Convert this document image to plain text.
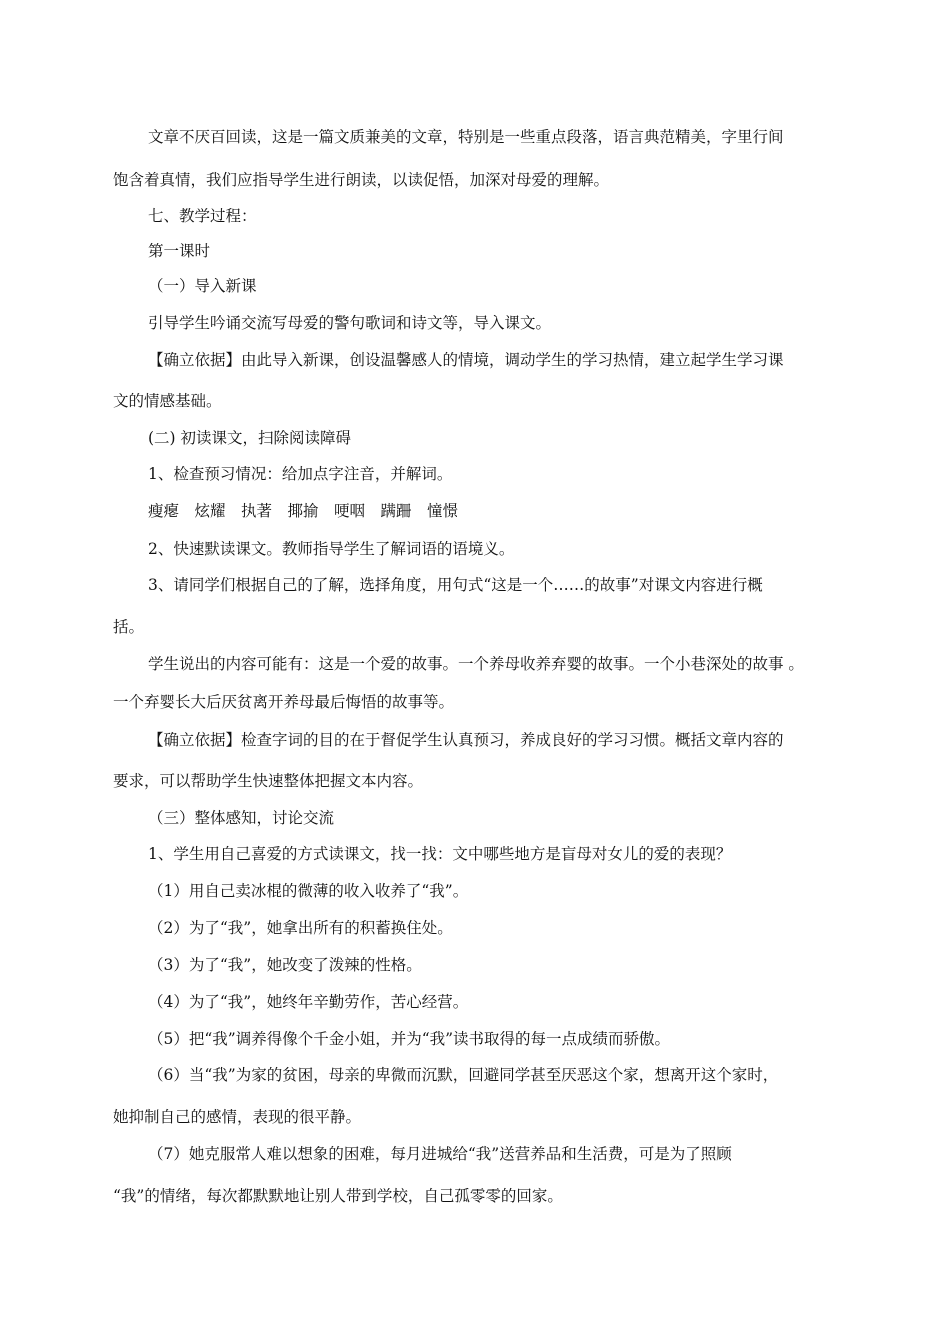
文章不厌百回读，这是一篇文质兼美的文章，特别是一些重点段落，语言典范精美，字里行间
饱含着真情，我们应指导学生进行朗读，以读促悟，加深对母爱的理解。
七、教学过程：
第一课时
（一）导入新课
引导学生吟诵交流写母爱的警句歌词和诗文等，导入课文。
【确立依据】由此导入新课，创设温馨感人的情境，调动学生的学习热情，建立起学生学习课
文的情感基础。
(二) 初读课文，扫除阅读障碍
1、检查预习情况：给加点字注音，并解词。
瘦瘪　炫耀　执著　揶揄　哽咽　蹒跚　憧憬
2、快速默读课文。教师指导学生了解词语的语境义。
3、请同学们根据自己的了解，选择角度，用句式“这是一个……的故事”对课文内容进行概
括。
学生说出的内容可能有：这是一个爱的故事。一个养母收养弃婴的故事。一个小巷深处的故事 。
一个弃婴长大后厌贫离开养母最后悔悟的故事等。
【确立依据】检查字词的目的在于督促学生认真预习，养成良好的学习习惯。概括文章内容的
要求，可以帮助学生快速整体把握文本内容。
（三）整体感知，讨论交流
1、学生用自己喜爱的方式读课文，找一找：文中哪些地方是盲母对女儿的爱的表现？
（1）用自己卖冰棍的微薄的收入收养了“我”。
（2）为了“我”，她拿出所有的积蓄换住处。
（3）为了“我”，她改变了泼辣的性格。
（4）为了“我”，她终年辛勤劳作，苦心经营。
（5）把“我”调养得像个千金小姐，并为“我”读书取得的每一点成绩而骄傲。
（6）当“我”为家的贫困，母亲的卑微而沉默，回避同学甚至厌恶这个家，想离开这个家时，
她抑制自己的感情，表现的很平静。
（7）她克服常人难以想象的困难，每月进城给“我”送营养品和生活费，可是为了照顾
“我”的情绪，每次都默默地让别人带到学校，自己孤零零的回家。
